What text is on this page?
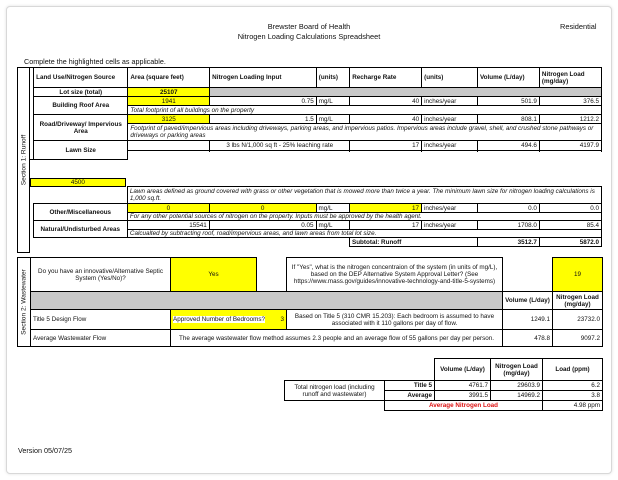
Brewster Board of Health
Nitrogen Loading Calculations Spreadsheet
Residential
Complete the highlighted cells as applicable.
	Land Use/Nitrogen Source	Area (square feet)	Nitrogen Loading Input	(units)	Recharge Rate	(units)	Volume (L/day)	Nitrogen Load (mg/day)
	Lot size (total)	25107						
	Building Roof Area	1941	0.75	mg/L	40	inches/year	501.9	376.5
		Total footprint of all buildings on the property						
	Road/Driveway/ Impervious Area	3125	1.5	mg/L	40	inches/year	808.1	1212.2
		Footprint of paved/impervious areas including driveways, parking areas, and impervious patios. Impervious areas include gravel, shell, and crushed stone pathways or driveways or parking areas						
	Lawn Size		3 lbs N/1,000 sq ft - 25% leaching rate		17	inches/year	494.6	4197.9

4500	
		Lawn areas defined as ground covered with grass or other vegetation that is mowed more than twice a year. The minimum lawn size for nitrogen loading calculations is 1,000 sq.ft.						
	Other/Miscellaneous	0	0	mg/L	17	inches/year	0.0	0.0
		For any other potential sources of nitrogen on the property. Inputs must be approved by the health agent.						
	Natural/Undisturbed Areas	15541	0.05	mg/L	17	inches/year	1708.0	85.4
		Calcualted by subtracting roof, road/impervious areas, and lawn areas from total lot size.						
					Subtotal: Runoff		3512.7	5872.0
Section 1: Runoff
Section 2: Wastewater	Do you have an innovative/Alternative Septic System (Yes/No)?	Yes		If "Yes", what is the nitrogen concentraion of the system (in units of mg/L), based on the DEP Alternative System Approval Letter? (See https://www.mass.gov/guides/innovative-technology-and-title-5-systems)		19
					Volume (L/day)	Nitrogen Load (mg/day)
	Title 5 Design Flow	Approved Number of Bedrooms? 3		Based on Title 5 (310 CMR 15.203): Each bedroom is assumed to have associated with it 110 gallons per day of flow.	1249.1	23732.0
	Average Wastewater Flow	The average wastewater flow method assumes 2.3 people and an average flow of 55 gallons per day per person.			478.8	9097.2
		Volume (L/day)	Nitrogen Load (mg/day)	Load (ppm)
Total nitrogen load (including runoff and wastewater)	Title 5	4761.7	29603.9	6.2
	Average	3991.5	14969.2	3.8
	Average Nitrogen Load			4.98 ppm
Version 05/07/25
